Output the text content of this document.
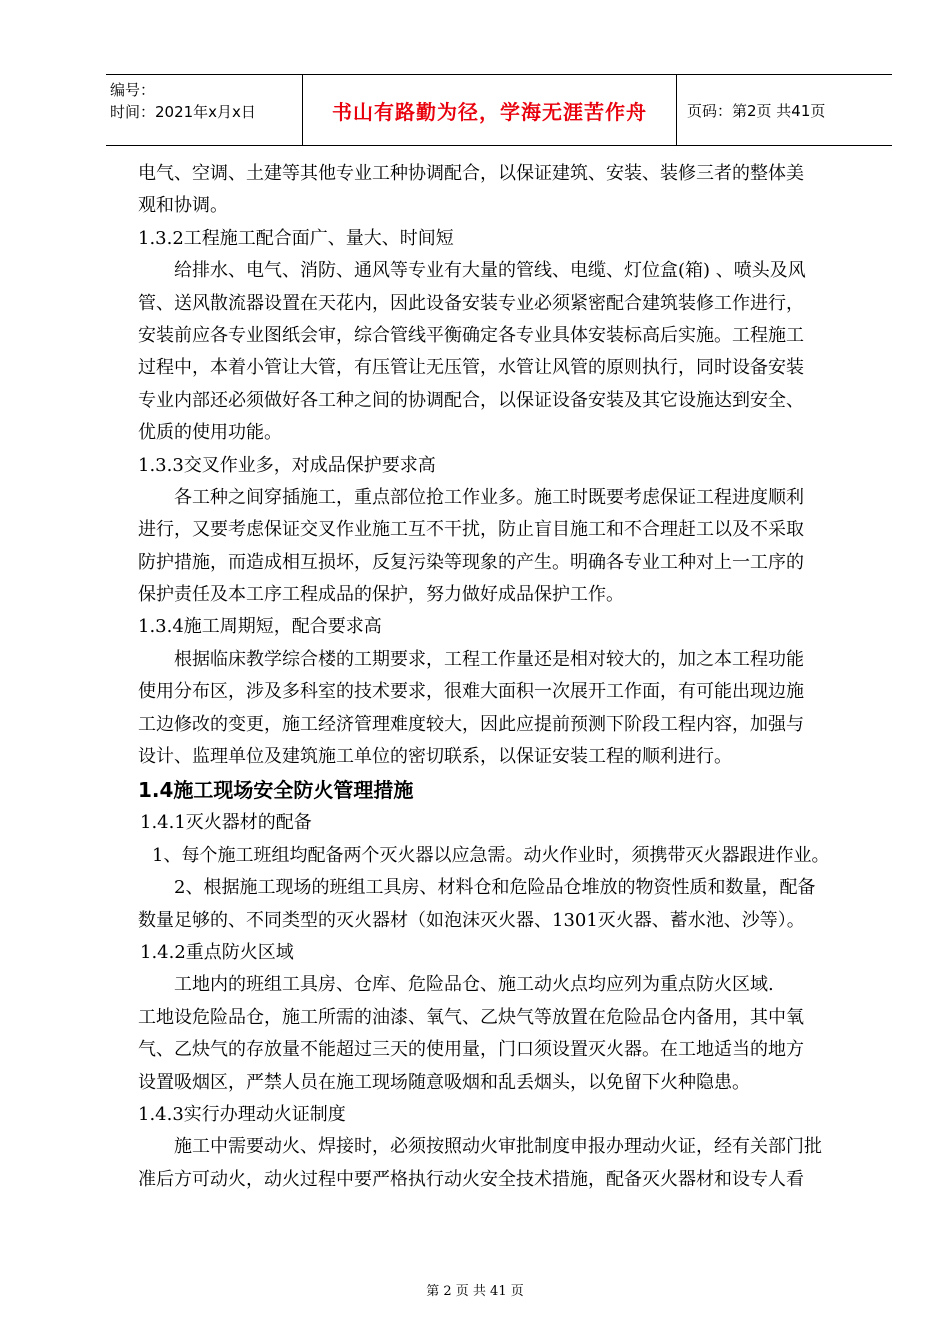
编号：
时间：2021年x月x日	书山有路勤为径，学海无涯苦作舟	页码：第2页 共41页
电气、空调、土建等其他专业工种协调配合，以保证建筑、安装、装修三者的整体美
观和协调。
1.3.2工程施工配合面广、量大、时间短
给排水、电气、消防、通风等专业有大量的管线、电缆、灯位盒(箱) 、喷头及风
管、送风散流器设置在天花内，因此设备安装专业必须紧密配合建筑装修工作进行，
安装前应各专业图纸会审，综合管线平衡确定各专业具体安装标高后实施。工程施工
过程中，本着小管让大管，有压管让无压管，水管让风管的原则执行，同时设备安装
专业内部还必须做好各工种之间的协调配合，以保证设备安装及其它设施达到安全、
优质的使用功能。
1.3.3交叉作业多，对成品保护要求高
各工种之间穿插施工，重点部位抢工作业多。施工时既要考虑保证工程进度顺利
进行，又要考虑保证交叉作业施工互不干扰，防止盲目施工和不合理赶工以及不采取
防护措施，而造成相互损坏，反复污染等现象的产生。明确各专业工种对上一工序的
保护责任及本工序工程成品的保护，努力做好成品保护工作。
1.3.4施工周期短，配合要求高
根据临床教学综合楼的工期要求，工程工作量还是相对较大的，加之本工程功能
使用分布区，涉及多科室的技术要求，很难大面积一次展开工作面，有可能出现边施
工边修改的变更，施工经济管理难度较大，因此应提前预测下阶段工程内容，加强与
设计、监理单位及建筑施工单位的密切联系，以保证安装工程的顺利进行。
1.4施工现场安全防火管理措施
1.4.1灭火器材的配备
1、每个施工班组均配备两个灭火器以应急需。动火作业时，须携带灭火器跟进作业。
2、根据施工现场的班组工具房、材料仓和危险品仓堆放的物资性质和数量，配备
数量足够的、不同类型的灭火器材（如泡沫灭火器、1301灭火器、蓄水池、沙等）。
1.4.2重点防火区域
工地内的班组工具房、仓库、危险品仓、施工动火点均应列为重点防火区域.
工地设危险品仓，施工所需的油漆、氧气、乙炔气等放置在危险品仓内备用，其中氧
气、乙炔气的存放量不能超过三天的使用量，门口须设置灭火器。在工地适当的地方
设置吸烟区，严禁人员在施工现场随意吸烟和乱丢烟头，以免留下火种隐患。
1.4.3实行办理动火证制度
施工中需要动火、焊接时，必须按照动火审批制度申报办理动火证，经有关部门批
准后方可动火，动火过程中要严格执行动火安全技术措施，配备灭火器材和设专人看
第 2 页 共 41 页
